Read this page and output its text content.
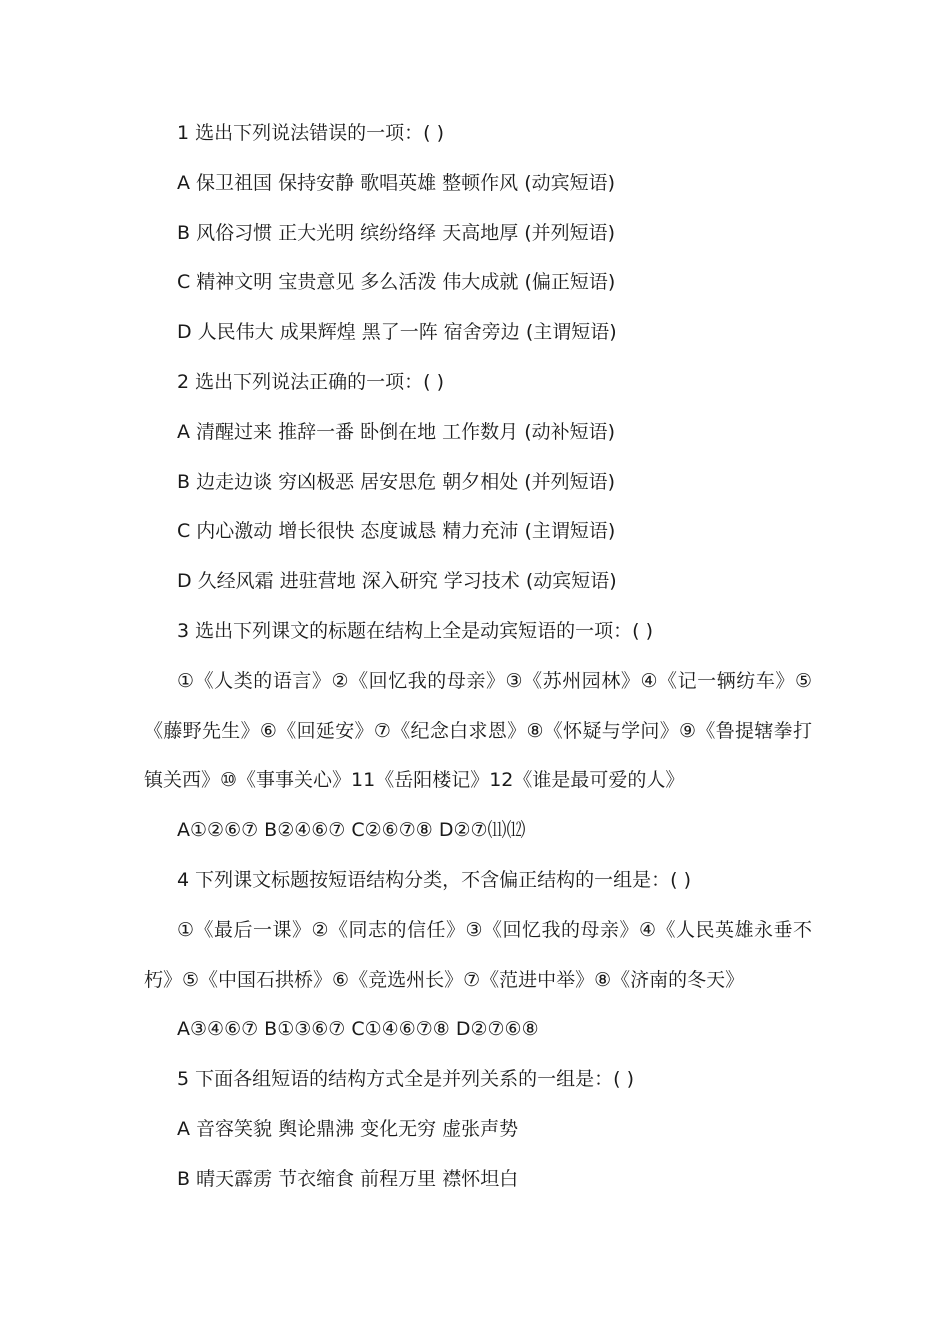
1 选出下列说法错误的一项：( )
A 保卫祖国 保持安静 歌唱英雄 整顿作风 (动宾短语)
B 风俗习惯 正大光明 缤纷络绎 天高地厚 (并列短语)
C 精神文明 宝贵意见 多么活泼 伟大成就 (偏正短语)
D 人民伟大 成果辉煌 黑了一阵 宿舍旁边 (主谓短语)
2 选出下列说法正确的一项：( )
A 清醒过来 推辞一番 卧倒在地 工作数月 (动补短语)
B 边走边谈 穷凶极恶 居安思危 朝夕相处 (并列短语)
C 内心激动 增长很快 态度诚恳 精力充沛 (主谓短语)
D 久经风霜 进驻营地 深入研究 学习技术 (动宾短语)
3 选出下列课文的标题在结构上全是动宾短语的一项：( )

①《人类的语言》②《回忆我的母亲》③《苏州园林》④《记一辆纺车》⑤《藤野先生》⑥《回延安》⑦《纪念白求恩》⑧《怀疑与学问》⑨《鲁提辖拳打镇关西》⑩《事事关心》11《岳阳楼记》12《谁是最可爱的人》

A①②⑥⑦ B②④⑥⑦ C②⑥⑦⑧ D②⑦⑾⑿
4 下列课文标题按短语结构分类，不含偏正结构的一组是：( )

①《最后一课》②《同志的信任》③《回忆我的母亲》④《人民英雄永垂不朽》⑤《中国石拱桥》⑥《竞选州长》⑦《范进中举》⑧《济南的冬天》

A③④⑥⑦ B①③⑥⑦ C①④⑥⑦⑧ D②⑦⑥⑧
5 下面各组短语的结构方式全是并列关系的一组是：( )
A 音容笑貌 舆论鼎沸 变化无穷 虚张声势
B 晴天霹雳 节衣缩食 前程万里 襟怀坦白
